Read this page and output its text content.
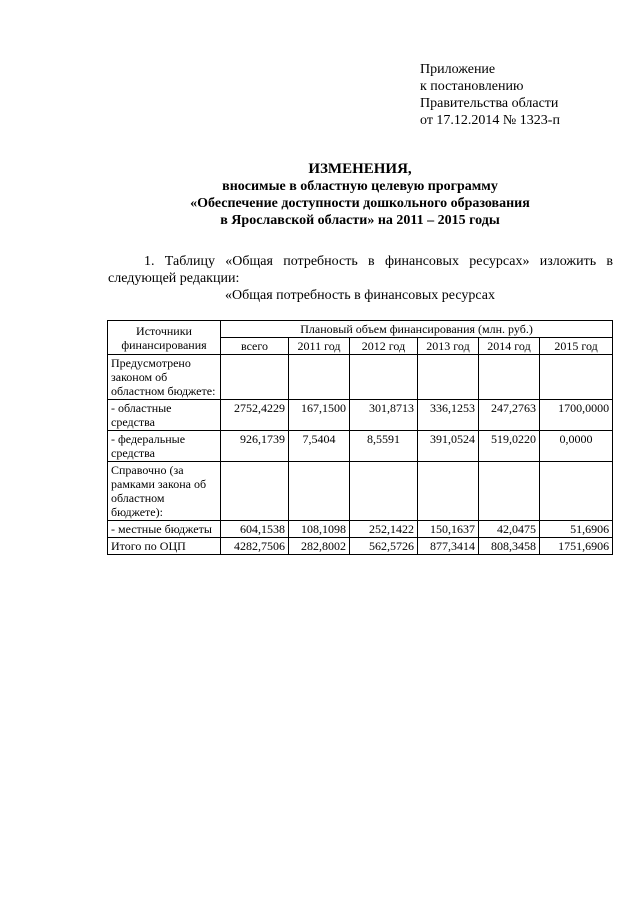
Приложение
к постановлению
Правительства области
от 17.12.2014 № 1323-п
ИЗМЕНЕНИЯ,
вносимые в областную целевую программу
«Обеспечение доступности дошкольного образования
в Ярославской области» на 2011 – 2015 годы
1. Таблицу «Общая потребность в финансовых ресурсах» изложить в следующей редакции:
«Общая потребность в финансовых ресурсах
Источники финансирования	Плановый объем финансирования (млн. руб.)					
	всего	2011 год	2012 год	2013 год	2014 год	2015 год
Предусмотрено законом об областном бюджете:						
- областные средства	2752,4229	167,1500	301,8713	336,1253	247,2763	1700,0000
- федеральные средства	926,1739	7,5404	8,5591	391,0524	519,0220	0,0000
Справочно (за рамками закона об областном бюджете):						
- местные бюджеты	604,1538	108,1098	252,1422	150,1637	42,0475	51,6906
Итого по ОЦП	4282,7506	282,8002	562,5726	877,3414	808,3458	1751,6906
